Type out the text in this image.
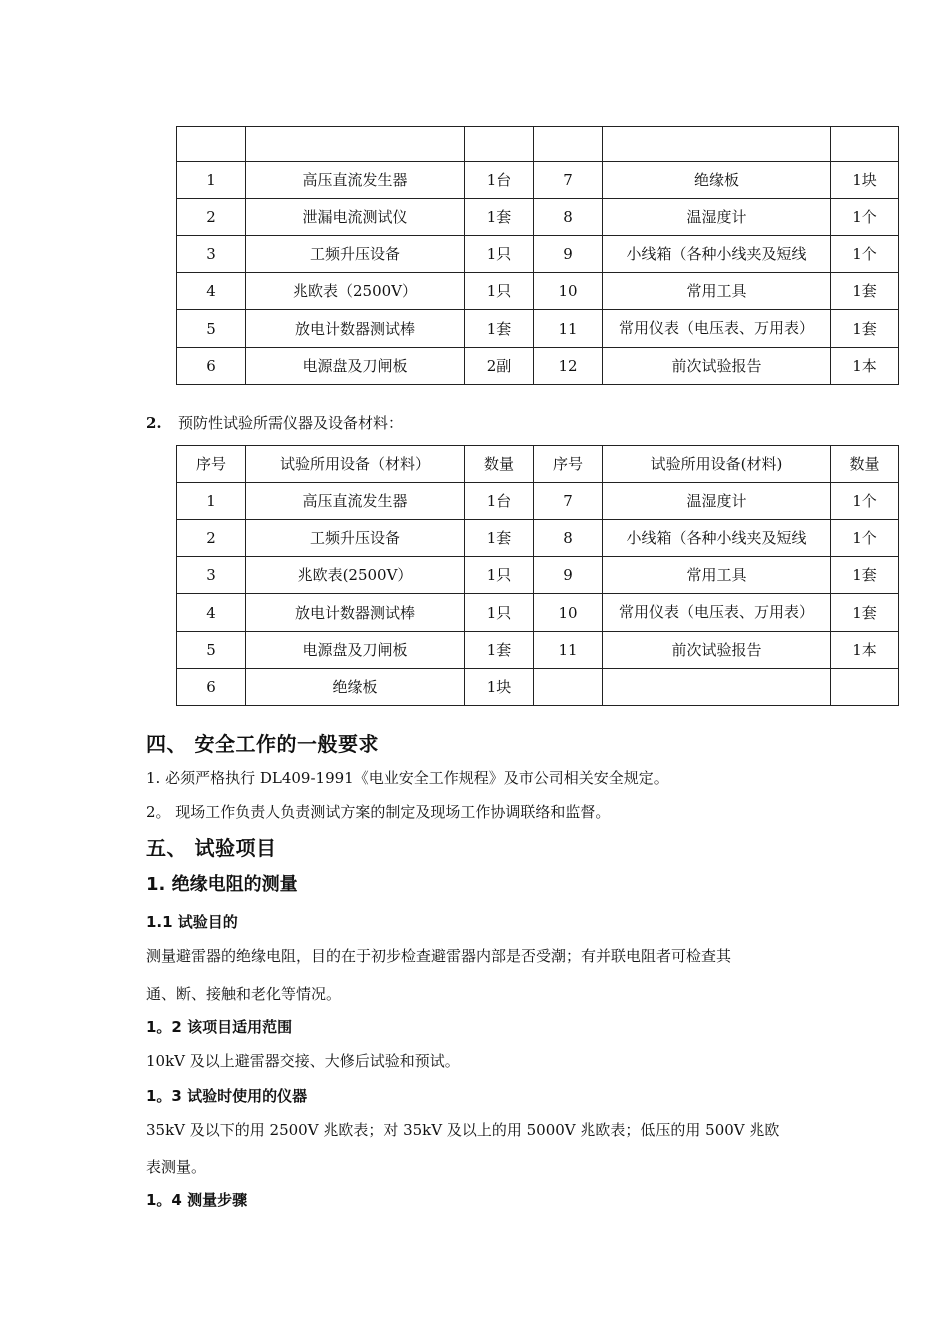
1	高压直流发生器	1台	7	绝缘板	1块
2	泄漏电流测试仪	1套	8	温湿度计	1个
3	工频升压设备	1只	9	小线箱（各种小线夹及短线	1个
4	兆欧表（2500V）	1只	10	常用工具	1套
5	放电计数器测试棒	1套	11	常用仪表（电压表、万用表）	1套
6	电源盘及刀闸板	2副	12	前次试验报告	1本
2. 预防性试验所需仪器及设备材料：
序号	试验所用设备（材料）	数量	序号	试验所用设备(材料)	数量
1	高压直流发生器	1台	7	温湿度计	1个
2	工频升压设备	1套	8	小线箱（各种小线夹及短线	1个
3	兆欧表(2500V）	1只	9	常用工具	1套
4	放电计数器测试棒	1只	10	常用仪表（电压表、万用表）	1套
5	电源盘及刀闸板	1套	11	前次试验报告	1本
6	绝缘板	1块			
四、 安全工作的一般要求
1. 必须严格执行 DL409-1991《电业安全工作规程》及市公司相关安全规定。
2。 现场工作负责人负责测试方案的制定及现场工作协调联络和监督。
五、 试验项目
1. 绝缘电阻的测量
1.1 试验目的
测量避雷器的绝缘电阻，目的在于初步检查避雷器内部是否受潮；有并联电阻者可检查其
通、断、接触和老化等情况。
1。2 该项目适用范围
10kV 及以上避雷器交接、大修后试验和预试。
1。3 试验时使用的仪器
35kV 及以下的用 2500V 兆欧表；对 35kV 及以上的用 5000V 兆欧表；低压的用 500V 兆欧
表测量。
1。4 测量步骤
